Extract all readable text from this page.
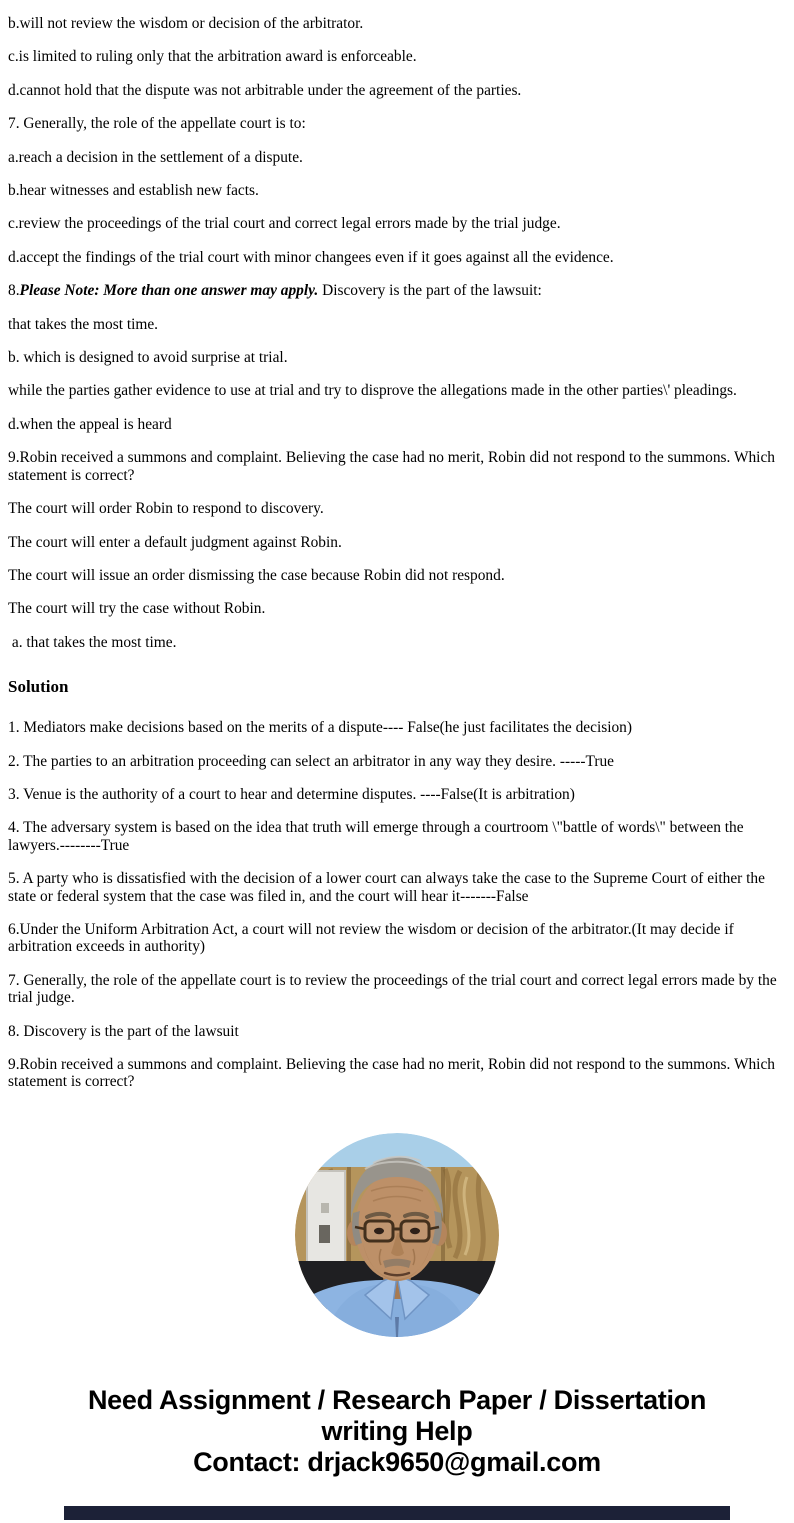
b.will not review the wisdom or decision of the arbitrator.

c.is limited to ruling only that the arbitration award is enforceable.

d.cannot hold that the dispute was not arbitrable under the agreement of the parties.

7. Generally, the role of the appellate court is to:

a.reach a decision in the settlement of a dispute.

b.hear witnesses and establish new facts.

c.review the proceedings of the trial court and correct legal errors made by the trial judge.

d.accept the findings of the trial court with minor changees even if it goes against all the evidence.

8.Please Note: More than one answer may apply. Discovery is the part of the lawsuit:

that takes the most time.

b. which is designed to avoid surprise at trial.

while the parties gather evidence to use at trial and try to disprove the allegations made in the other parties\' pleadings.

d.when the appeal is heard

9.Robin received a summons and complaint. Believing the case had no merit, Robin did not respond to the summons. Which statement is correct?

The court will order Robin to respond to discovery.

The court will enter a default judgment against Robin.

The court will issue an order dismissing the case because Robin did not respond.

The court will try the case without Robin.

a. that takes the most time.

Solution

1. Mediators make decisions based on the merits of a dispute---- False(he just facilitates the decision)

2. The parties to an arbitration proceeding can select an arbitrator in any way they desire. -----True

3. Venue is the authority of a court to hear and determine disputes. ----False(It is arbitration)

4. The adversary system is based on the idea that truth will emerge through a courtroom \"battle of words\" between the lawyers.--------True

5. A party who is dissatisfied with the decision of a lower court can always take the case to the Supreme Court of either the state or federal system that the case was filed in, and the court will hear it-------False

6.Under the Uniform Arbitration Act, a court will not review the wisdom or decision of the arbitrator.(It may decide if arbitration exceeds in authority)

7. Generally, the role of the appellate court is to review the proceedings of the trial court and correct legal errors made by the trial judge.

8. Discovery is the part of the lawsuit

9.Robin received a summons and complaint. Believing the case had no merit, Robin did not respond to the summons. Which statement is correct?

Need Assignment / Research Paper / Dissertation
writing Help
Contact: drjack9650@gmail.com
